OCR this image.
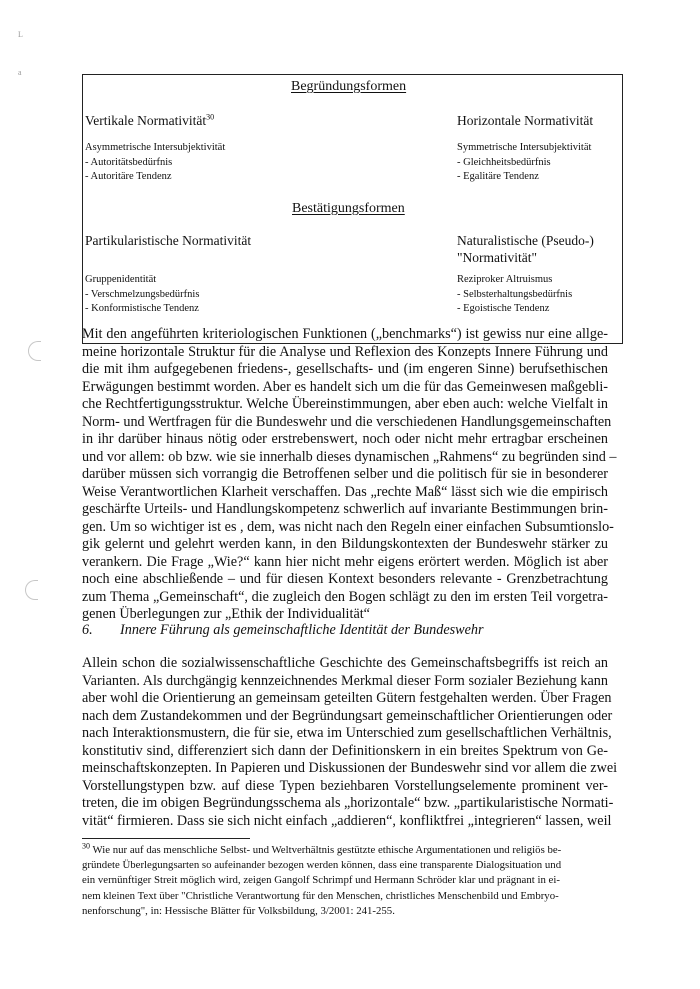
L
a
Begründungsformen
Vertikale Normativität$^{30}$
Asymmetrische Intersubjektivität
- Autoritätsbedürfnis
- Autoritäre Tendenz
Horizontale Normativität
Symmetrische Intersubjektivität
- Gleichheitsbedürfnis
- Egalitäre Tendenz
Bestätigungsformen
Partikularistische Normativität
Gruppenidentität
- Verschmelzungsbedürfnis
- Konformistische Tendenz
Naturalistische (Pseudo-)
"Normativität"
Reziproker Altruismus
- Selbsterhaltungsbedürfnis
- Egoistische Tendenz
Mit den angeführten kriteriologischen Funktionen („benchmarks“) ist gewiss nur eine allge-
meine horizontale Struktur für die Analyse und Reflexion des Konzepts Innere Führung und
die mit ihm aufgegebenen friedens-, gesellschafts- und (im engeren Sinne) berufsethischen
Erwägungen bestimmt worden. Aber es handelt sich um die für das Gemeinwesen maßgebli-
che Rechtfertigungsstruktur. Welche Übereinstimmungen, aber eben auch: welche Vielfalt in
Norm- und Wertfragen für die Bundeswehr und die verschiedenen Handlungsgemeinschaften
in ihr darüber hinaus nötig oder erstrebenswert, noch oder nicht mehr ertragbar erscheinen
und vor allem: ob bzw. wie sie innerhalb dieses dynamischen „Rahmens“ zu begründen sind –
darüber müssen sich vorrangig die Betroffenen selber und die politisch für sie in besonderer
Weise Verantwortlichen Klarheit verschaffen. Das „rechte Maß“ lässt sich wie die empirisch
geschärfte Urteils- und Handlungskompetenz schwerlich auf invariante Bestimmungen brin-
gen. Um so wichtiger ist es , dem, was nicht nach den Regeln einer einfachen Subsumtionslo-
gik gelernt und gelehrt werden kann, in den Bildungskontexten der Bundeswehr stärker zu
verankern. Die Frage „Wie?“ kann hier nicht mehr eigens erörtert werden. Möglich ist aber
noch eine abschließende – und für diesen Kontext besonders relevante - Grenzbetrachtung
zum Thema „Gemeinschaft“, die zugleich den Bogen schlägt zu den im ersten Teil vorgetra-
genen Überlegungen zur „Ethik der Individualität“
6. Innere Führung als gemeinschaftliche Identität der Bundeswehr
Allein schon die sozialwissenschaftliche Geschichte des Gemeinschaftsbegriffs ist reich an
Varianten. Als durchgängig kennzeichnendes Merkmal dieser Form sozialer Beziehung kann
aber wohl die Orientierung an gemeinsam geteilten Gütern festgehalten werden. Über Fragen
nach dem Zustandekommen und der Begründungsart gemeinschaftlicher Orientierungen oder
nach Interaktionsmustern, die für sie, etwa im Unterschied zum gesellschaftlichen Verhältnis,
konstitutiv sind, differenziert sich dann der Definitionskern in ein breites Spektrum von Ge-
meinschaftskonzepten. In Papieren und Diskussionen der Bundeswehr sind vor allem die zwei
Vorstellungstypen bzw. auf diese Typen beziehbaren Vorstellungselemente prominent ver-
treten, die im obigen Begründungsschema als „horizontale“ bzw. „partikularistische Normati-
vität“ firmieren. Dass sie sich nicht einfach „addieren“, konfliktfrei „integrieren“ lassen, weil
$^{30}$ Wie nur auf das menschliche Selbst- und Weltverhältnis gestützte ethische Argumentationen und religiös be-
gründete Überlegungsarten so aufeinander bezogen werden können, dass eine transparente Dialogsituation und
ein vernünftiger Streit möglich wird, zeigen Gangolf Schrimpf und Hermann Schröder klar und prägnant in ei-
nem kleinen Text über "Christliche Verantwortung für den Menschen, christliches Menschenbild und Embryo-
nenforschung", in: Hessische Blätter für Volksbildung, 3/2001: 241-255.
